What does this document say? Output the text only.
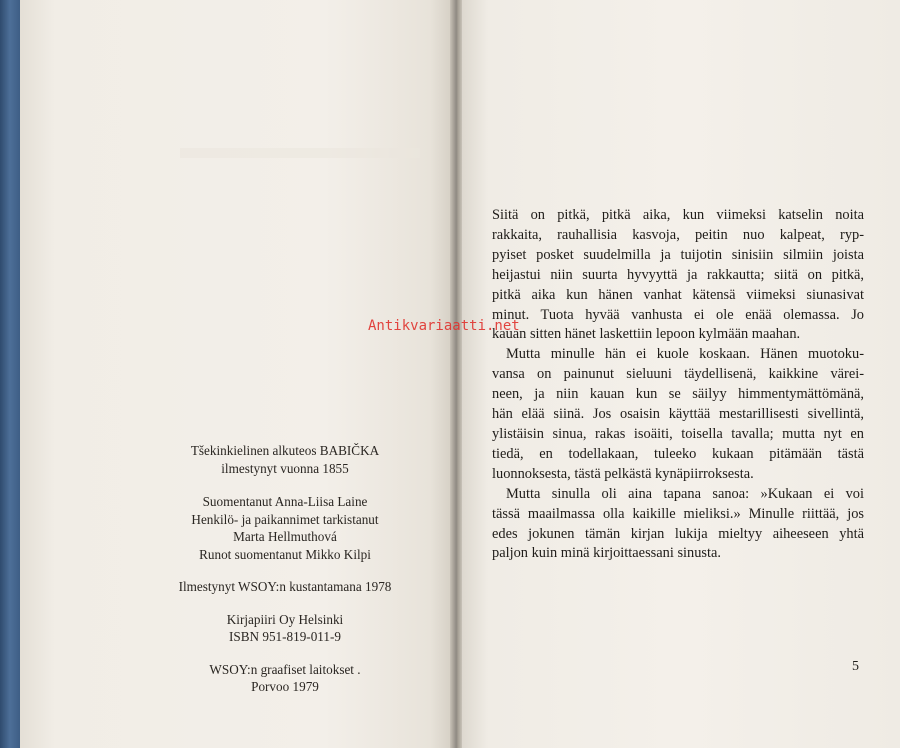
Tšekinkielinen alkuteos BABIČKA
ilmestynyt vuonna 1855
Suomentanut Anna-Liisa Laine
Henkilö- ja paikannimet tarkistanut
Marta Hellmuthová
Runot suomentanut Mikko Kilpi
Ilmestynyt WSOY:n kustantamana 1978
Kirjapiiri Oy Helsinki
ISBN 951-819-011-9
WSOY:n graafiset laitokset .
Porvoo 1979
Siitä on pitkä, pitkä aika, kun viimeksi katselin noita
rakkaita, rauhallisia kasvoja, peitin nuo kalpeat, ryp-
pyiset posket suudelmilla ja tuijotin sinisiin silmiin joista
heijastui niin suurta hyvyyttä ja rakkautta; siitä on pitkä,
pitkä aika kun hänen vanhat kätensä viimeksi siunasivat
minut. Tuota hyvää vanhusta ei ole enää olemassa. Jo
kauan sitten hänet laskettiin lepoon kylmään maahan.
Mutta minulle hän ei kuole koskaan. Hänen muotoku-
vansa on painunut sieluuni täydellisenä, kaikkine värei-
neen, ja niin kauan kun se säilyy himmentymättömänä,
hän elää siinä. Jos osaisin käyttää mestarillisesti sivellintä,
ylistäisin sinua, rakas isoäiti, toisella tavalla; mutta nyt en
tiedä, en todellakaan, tuleeko kukaan pitämään tästä
luonnoksesta, tästä pelkästä kynäpiirroksesta.
Mutta sinulla oli aina tapana sanoa: »Kukaan ei voi
tässä maailmassa olla kaikille mieliksi.» Minulle riittää, jos
edes jokunen tämän kirjan lukija mieltyy aiheeseen yhtä
paljon kuin minä kirjoittaessani sinusta.
5
Antikvariaatti.net
